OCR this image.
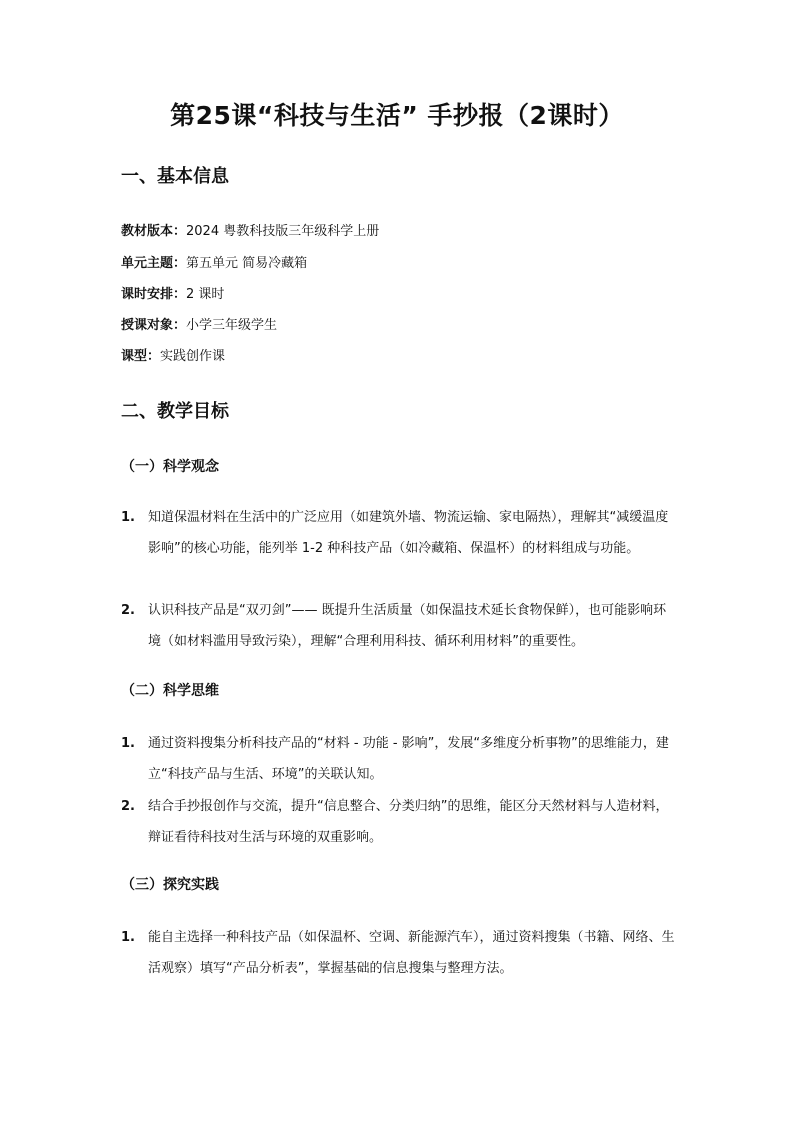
第25课“科技与生活” 手抄报（2课时）
一、基本信息
教材版本：2024 粤教科技版三年级科学上册
单元主题：第五单元 简易冷藏箱
课时安排：2 课时
授课对象：小学三年级学生
课型：实践创作课
二、教学目标
（一）科学观念
1. 知道保温材料在生活中的广泛应用（如建筑外墙、物流运输、家电隔热），理解其“减缓温度影响”的核心功能，能列举 1-2 种科技产品（如冷藏箱、保温杯）的材料组成与功能。
2. 认识科技产品是“双刃剑”—— 既提升生活质量（如保温技术延长食物保鲜），也可能影响环境（如材料滥用导致污染），理解“合理利用科技、循环利用材料”的重要性。
（二）科学思维
1. 通过资料搜集分析科技产品的“材料 - 功能 - 影响”，发展“多维度分析事物”的思维能力，建立“科技产品与生活、环境”的关联认知。
2. 结合手抄报创作与交流，提升“信息整合、分类归纳”的思维，能区分天然材料与人造材料，辩证看待科技对生活与环境的双重影响。
（三）探究实践
1. 能自主选择一种科技产品（如保温杯、空调、新能源汽车），通过资料搜集（书籍、网络、生活观察）填写“产品分析表”，掌握基础的信息搜集与整理方法。
